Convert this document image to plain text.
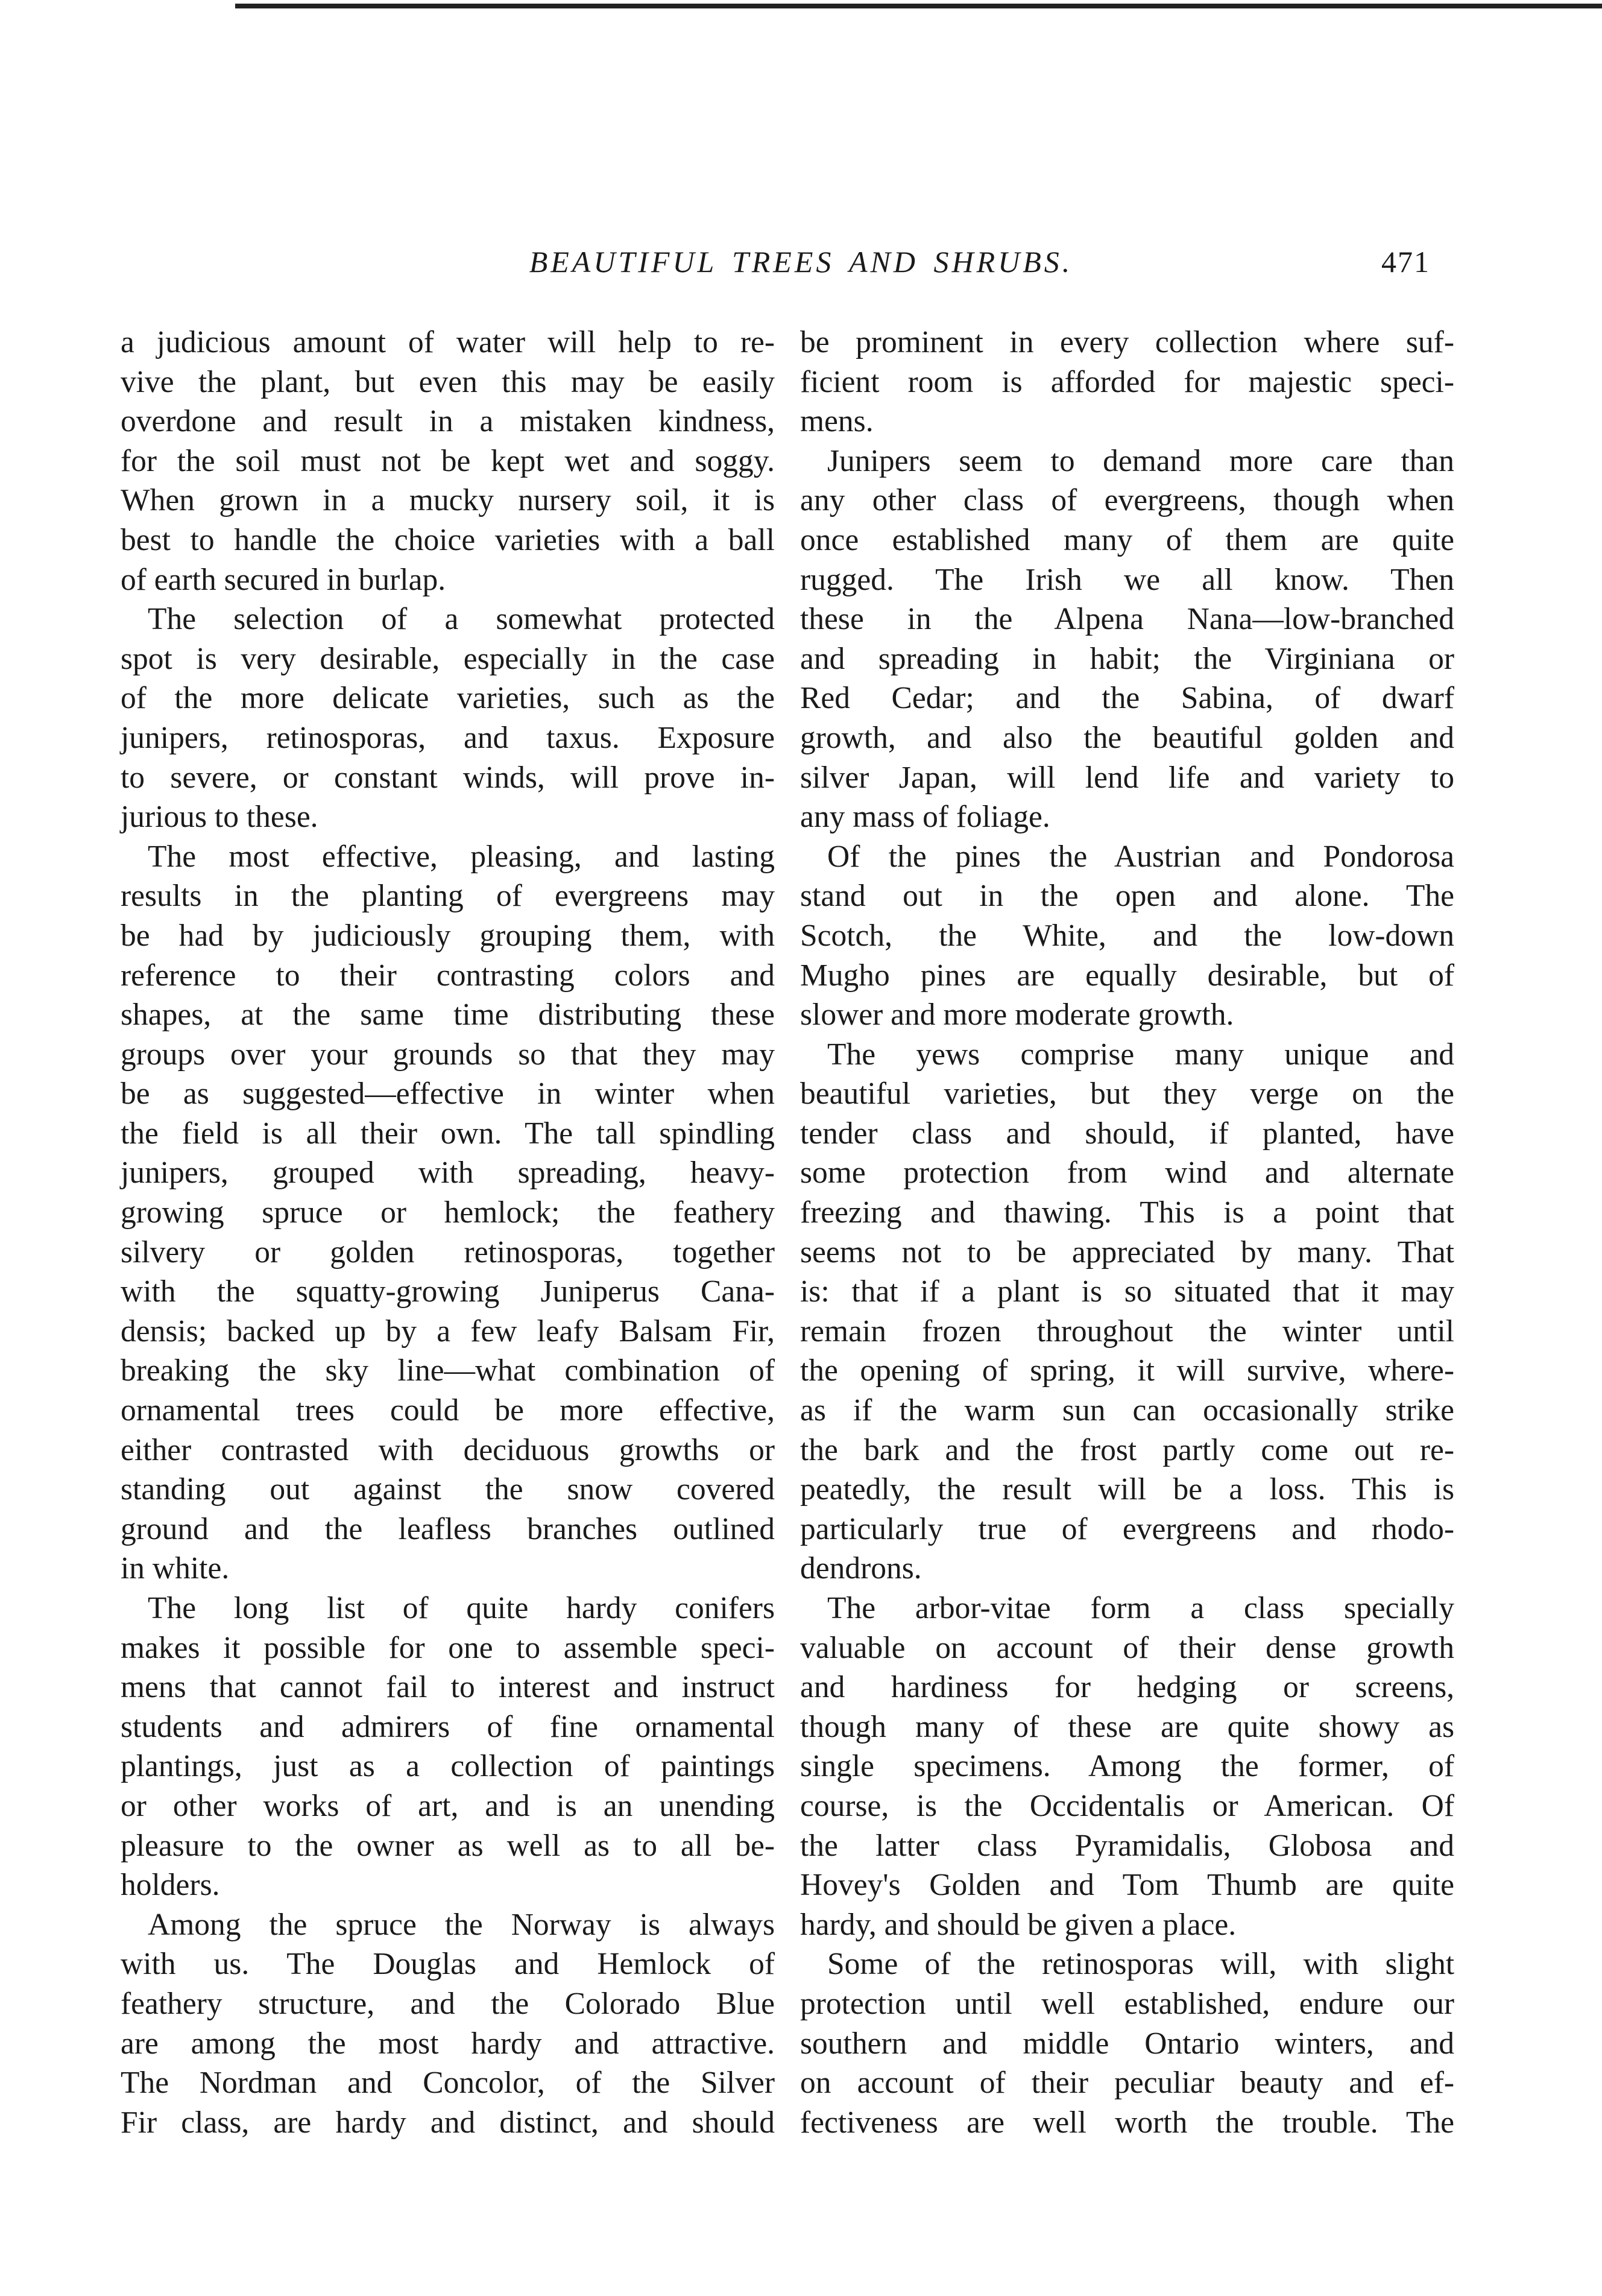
BEAUTIFUL TREES AND SHRUBS.	471
a judicious amount of water will help to re-
vive the plant, but even this may be easily
overdone and result in a mistaken kindness,
for the soil must not be kept wet and soggy.
When grown in a mucky nursery soil, it is
best to handle the choice varieties with a ball
of earth secured in burlap.
The selection of a somewhat protected
spot is very desirable, especially in the case
of the more delicate varieties, such as the
junipers, retinosporas, and taxus. Exposure
to severe, or constant winds, will prove in-
jurious to these.
The most effective, pleasing, and lasting
results in the planting of evergreens may
be had by judiciously grouping them, with
reference to their contrasting colors and
shapes, at the same time distributing these
groups over your grounds so that they may
be as suggested—effective in winter when
the field is all their own. The tall spindling
junipers, grouped with spreading, heavy-
growing spruce or hemlock; the feathery
silvery or golden retinosporas, together
with the squatty-growing Juniperus Cana-
densis; backed up by a few leafy Balsam Fir,
breaking the sky line—what combination of
ornamental trees could be more effective,
either contrasted with deciduous growths or
standing out against the snow covered
ground and the leafless branches outlined
in white.
The long list of quite hardy conifers
makes it possible for one to assemble speci-
mens that cannot fail to interest and instruct
students and admirers of fine ornamental
plantings, just as a collection of paintings
or other works of art, and is an unending
pleasure to the owner as well as to all be-
holders.
Among the spruce the Norway is always
with us. The Douglas and Hemlock of
feathery structure, and the Colorado Blue
are among the most hardy and attractive.
The Nordman and Concolor, of the Silver
Fir class, are hardy and distinct, and should
be prominent in every collection where suf-
ficient room is afforded for majestic speci-
mens.
Junipers seem to demand more care than
any other class of evergreens, though when
once established many of them are quite
rugged. The Irish we all know. Then
these in the Alpena Nana—low-branched
and spreading in habit; the Virginiana or
Red Cedar; and the Sabina, of dwarf
growth, and also the beautiful golden and
silver Japan, will lend life and variety to
any mass of foliage.
Of the pines the Austrian and Pondorosa
stand out in the open and alone. The
Scotch, the White, and the low-down
Mugho pines are equally desirable, but of
slower and more moderate growth.
The yews comprise many unique and
beautiful varieties, but they verge on the
tender class and should, if planted, have
some protection from wind and alternate
freezing and thawing. This is a point that
seems not to be appreciated by many. That
is: that if a plant is so situated that it may
remain frozen throughout the winter until
the opening of spring, it will survive, where-
as if the warm sun can occasionally strike
the bark and the frost partly come out re-
peatedly, the result will be a loss. This is
particularly true of evergreens and rhodo-
dendrons.
The arbor-vitae form a class specially
valuable on account of their dense growth
and hardiness for hedging or screens,
though many of these are quite showy as
single specimens. Among the former, of
course, is the Occidentalis or American. Of
the latter class Pyramidalis, Globosa and
Hovey's Golden and Tom Thumb are quite
hardy, and should be given a place.
Some of the retinosporas will, with slight
protection until well established, endure our
southern and middle Ontario winters, and
on account of their peculiar beauty and ef-
fectiveness are well worth the trouble. The
